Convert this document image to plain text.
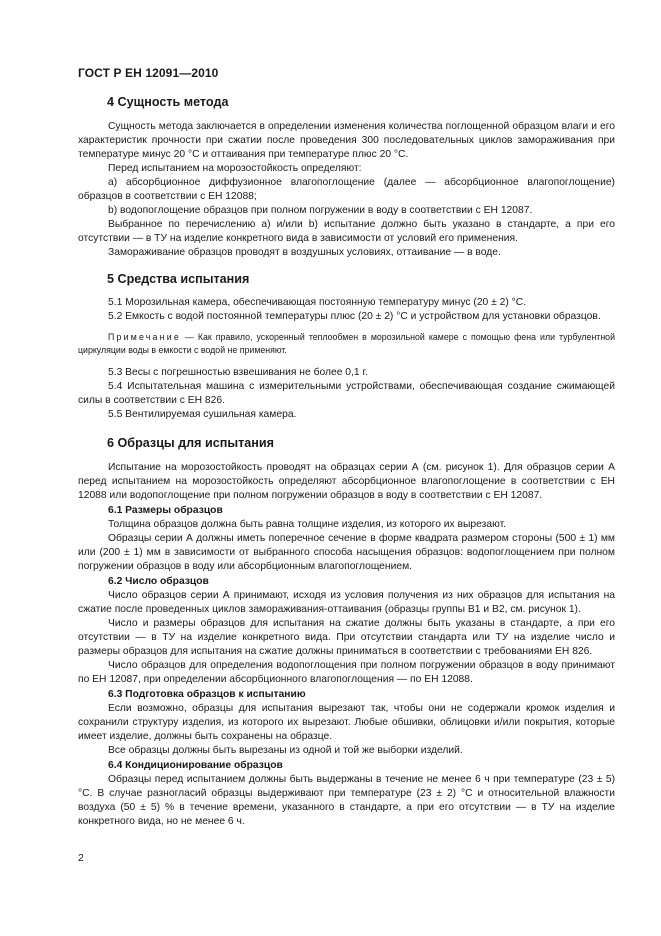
ГОСТ Р ЕН 12091—2010
4 Сущность метода

Сущность метода заключается в определении изменения количества поглощенной образцом влаги и его характеристик прочности при сжатии после проведения 300 последовательных циклов замораживания при температуре минус 20 °С и оттаивания при температуре плюс 20 °С.

Перед испытанием на морозостойкость определяют:

a) абсорбционное диффузионное влагопоглощение (далее — абсорбционное влагопоглощение) образцов в соответствии с ЕН 12088;

b) водопоглощение образцов при полном погружении в воду в соответствии с ЕН 12087.

Выбранное по перечислению а) и/или b) испытание должно быть указано в стандарте, а при его отсутствии — в ТУ на изделие конкретного вида в зависимости от условий его применения.

Замораживание образцов проводят в воздушных условиях, оттаивание — в воде.

5 Средства испытания

5.1 Морозильная камера, обеспечивающая постоянную температуру минус (20 ± 2) °С.

5.2 Емкость с водой постоянной температуры плюс (20 ± 2) °С и устройством для установки образцов.

Примечание — Как правило, ускоренный теплообмен в морозильной камере с помощью фена или турбулентной циркуляции воды в емкости с водой не применяют.

5.3 Весы с погрешностью взвешивания не более 0,1 г.

5.4 Испытательная машина с измерительными устройствами, обеспечивающая создание сжимающей силы в соответствии с ЕН 826.

5.5 Вентилируемая сушильная камера.

6 Образцы для испытания

Испытание на морозостойкость проводят на образцах серии А (см. рисунок 1). Для образцов серии А перед испытанием на морозостойкость определяют абсорбционное влагопоглощение в соответствии с ЕН 12088 или водопоглощение при полном погружении образцов в воду в соответствии с ЕН 12087.

6.1 Размеры образцов

Толщина образцов должна быть равна толщине изделия, из которого их вырезают.

Образцы серии А должны иметь поперечное сечение в форме квадрата размером стороны (500 ± 1) мм или (200 ± 1) мм в зависимости от выбранного способа насыщения образцов: водопоглощением при полном погружении образцов в воду или абсорбционным влагопоглощением.

6.2 Число образцов

Число образцов серии А принимают, исходя из условия получения из них образцов для испытания на сжатие после проведенных циклов замораживания-оттаивания (образцы группы В1 и В2, см. рисунок 1).

Число и размеры образцов для испытания на сжатие должны быть указаны в стандарте, а при его отсутствии — в ТУ на изделие конкретного вида. При отсутствии стандарта или ТУ на изделие число и размеры образцов для испытания на сжатие должны приниматься в соответствии с требованиями ЕН 826.

Число образцов для определения водопоглощения при полном погружении образцов в воду принимают по ЕН 12087, при определении абсорбционного влагопоглощения — по ЕН 12088.

6.3 Подготовка образцов к испытанию

Если возможно, образцы для испытания вырезают так, чтобы они не содержали кромок изделия и сохранили структуру изделия, из которого их вырезают. Любые обшивки, облицовки и/или покрытия, которые имеет изделие, должны быть сохранены на образце.

Все образцы должны быть вырезаны из одной и той же выборки изделий.

6.4 Кондиционирование образцов

Образцы перед испытанием должны быть выдержаны в течение не менее 6 ч при температуре (23 ± 5) °С. В случае разногласий образцы выдерживают при температуре (23 ± 2) °С и относительной влажности воздуха (50 ± 5) % в течение времени, указанного в стандарте, а при его отсутствии — в ТУ на изделие конкретного вида, но не менее 6 ч.

2
